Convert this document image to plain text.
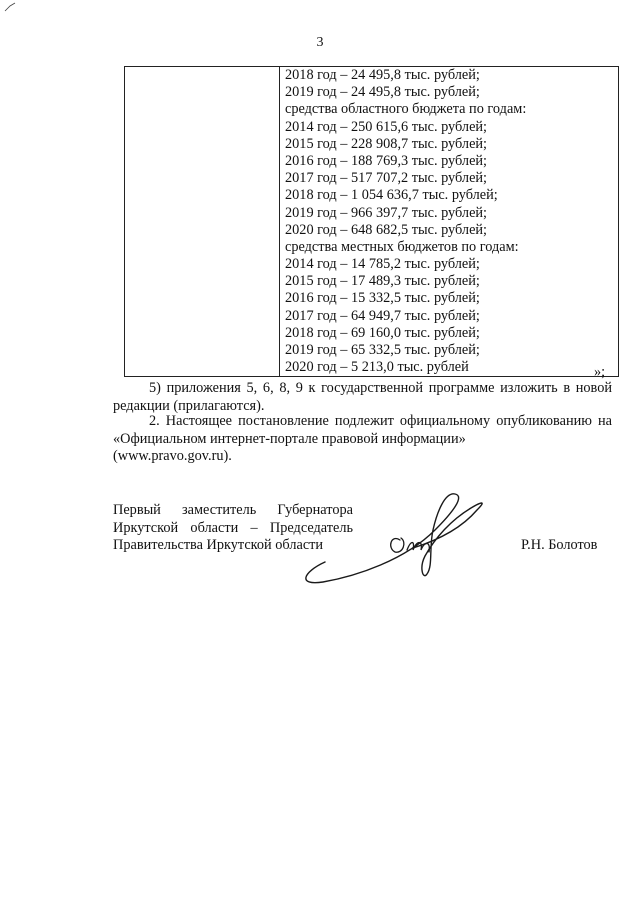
3

2018 год – 24 495,8 тыс. рублей;
2019 год – 24 495,8 тыс. рублей;
средства областного бюджета по годам:
2014 год – 250 615,6 тыс. рублей;
2015 год – 228 908,7 тыс. рублей;
2016 год – 188 769,3 тыс. рублей;
2017 год – 517 707,2 тыс. рублей;
2018 год – 1 054 636,7 тыс. рублей;
2019 год – 966 397,7 тыс. рублей;
2020 год – 648 682,5 тыс. рублей;
средства местных бюджетов по годам:
2014 год – 14 785,2 тыс. рублей;
2015 год – 17 489,3 тыс. рублей;
2016 год – 15 332,5 тыс. рублей;
2017 год – 64 949,7 тыс. рублей;
2018 год – 69 160,0 тыс. рублей;
2019 год – 65 332,5 тыс. рублей;
2020 год – 5 213,0 тыс. рублей	»;
5) приложения 5, 6, 8, 9 к государственной программе изложить в новой редакции (прилагаются).
2. Настоящее постановление подлежит официальному опубликованию на «Официальном интернет-портале правовой информации»
(www.pravo.gov.ru).
Первый заместитель Губернатора
Иркутской области – Председатель
Правительства Иркутской области	Р.Н. Болотов
